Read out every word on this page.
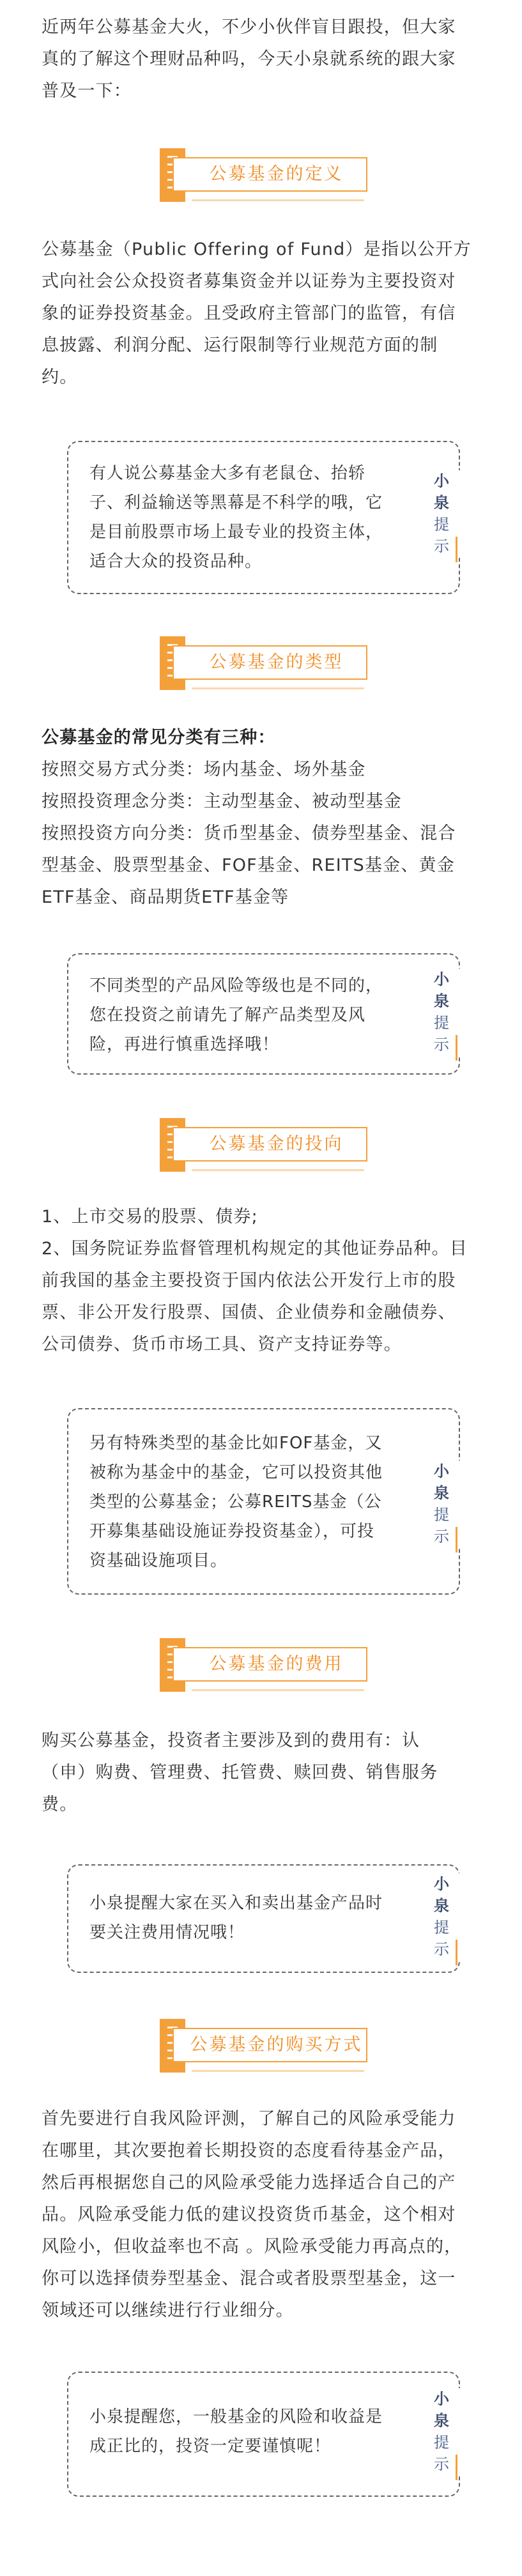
近两年公募基金大火，不少小伙伴盲目跟投，但大家
真的了解这个理财品种吗，今天小泉就系统的跟大家
普及一下：

公募基金的定义

公募基金（Public Offering of Fund）是指以公开方
式向社会公众投资者募集资金并以证券为主要投资对
象的证券投资基金。且受政府主管部门的监管，有信
息披露、利润分配、运行限制等行业规范方面的制
约。

有人说公募基金大多有老鼠仓、抬轿
子、利益输送等黑幕是不科学的哦，它
是目前股票市场上最专业的投资主体，
适合大众的投资品种。

小
泉
提
示
公募基金的类型

公募基金的常见分类有三种：
按照交易方式分类：场内基金、场外基金
按照投资理念分类：主动型基金、被动型基金
按照投资方向分类：货币型基金、债券型基金、混合
型基金、股票型基金、FOF基金、REITS基金、黄金
ETF基金、商品期货ETF基金等

不同类型的产品风险等级也是不同的，
您在投资之前请先了解产品类型及风
险，再进行慎重选择哦！

小
泉
提
示
公募基金的投向

1、上市交易的股票、债券;
2、国务院证券监督管理机构规定的其他证券品种。目
前我国的基金主要投资于国内依法公开发行上市的股
票、非公开发行股票、国债、企业债券和金融债券、
公司债券、货币市场工具、资产支持证券等。

另有特殊类型的基金比如FOF基金，又
被称为基金中的基金，它可以投资其他
类型的公募基金；公募REITS基金（公
开募集基础设施证券投资基金），可投
资基础设施项目。

小
泉
提
示
公募基金的费用

购买公募基金，投资者主要涉及到的费用有：认
（申）购费、管理费、托管费、赎回费、销售服务
费。

小泉提醒大家在买入和卖出基金产品时
要关注费用情况哦！

小
泉
提
示
公募基金的购买方式

首先要进行自我风险评测，了解自己的风险承受能力
在哪里，其次要抱着长期投资的态度看待基金产品，
然后再根据您自己的风险承受能力选择适合自己的产
品。风险承受能力低的建议投资货币基金，这个相对
风险小，但收益率也不高 。风险承受能力再高点的，
你可以选择债券型基金、混合或者股票型基金，这一
领域还可以继续进行行业细分。

小泉提醒您，一般基金的风险和收益是
成正比的，投资一定要谨慎呢！

小
泉
提
示
